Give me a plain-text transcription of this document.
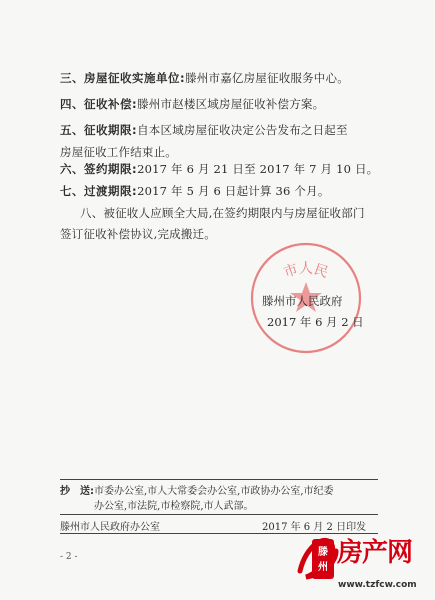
三、房屋征收实施单位:滕州市嘉亿房屋征收服务中心。
四、征收补偿:滕州市赵楼区域房屋征收补偿方案。
五、征收期限:自本区域房屋征收决定公告发布之日起至
房屋征收工作结束止。
六、签约期限:2017 年 6 月 21 日至 2017 年 7 月 10 日。
七、过渡期限:2017 年 5 月 6 日起计算 36 个月。
八、被征收人应顾全大局,在签约期限内与房屋征收部门
签订征收补偿协议,完成搬迁。
市人民
滕州市人民政府
2017 年 6 月 2 日
抄　送: 市委办公室,市人大常委会办公室,市政协办公室,市纪委
办公室,市法院,市检察院,市人武部。
滕州市人民政府办公室	2017 年 6 月 2 日印发
- 2 -	滕
州 房产网
www.tzfcw.com
